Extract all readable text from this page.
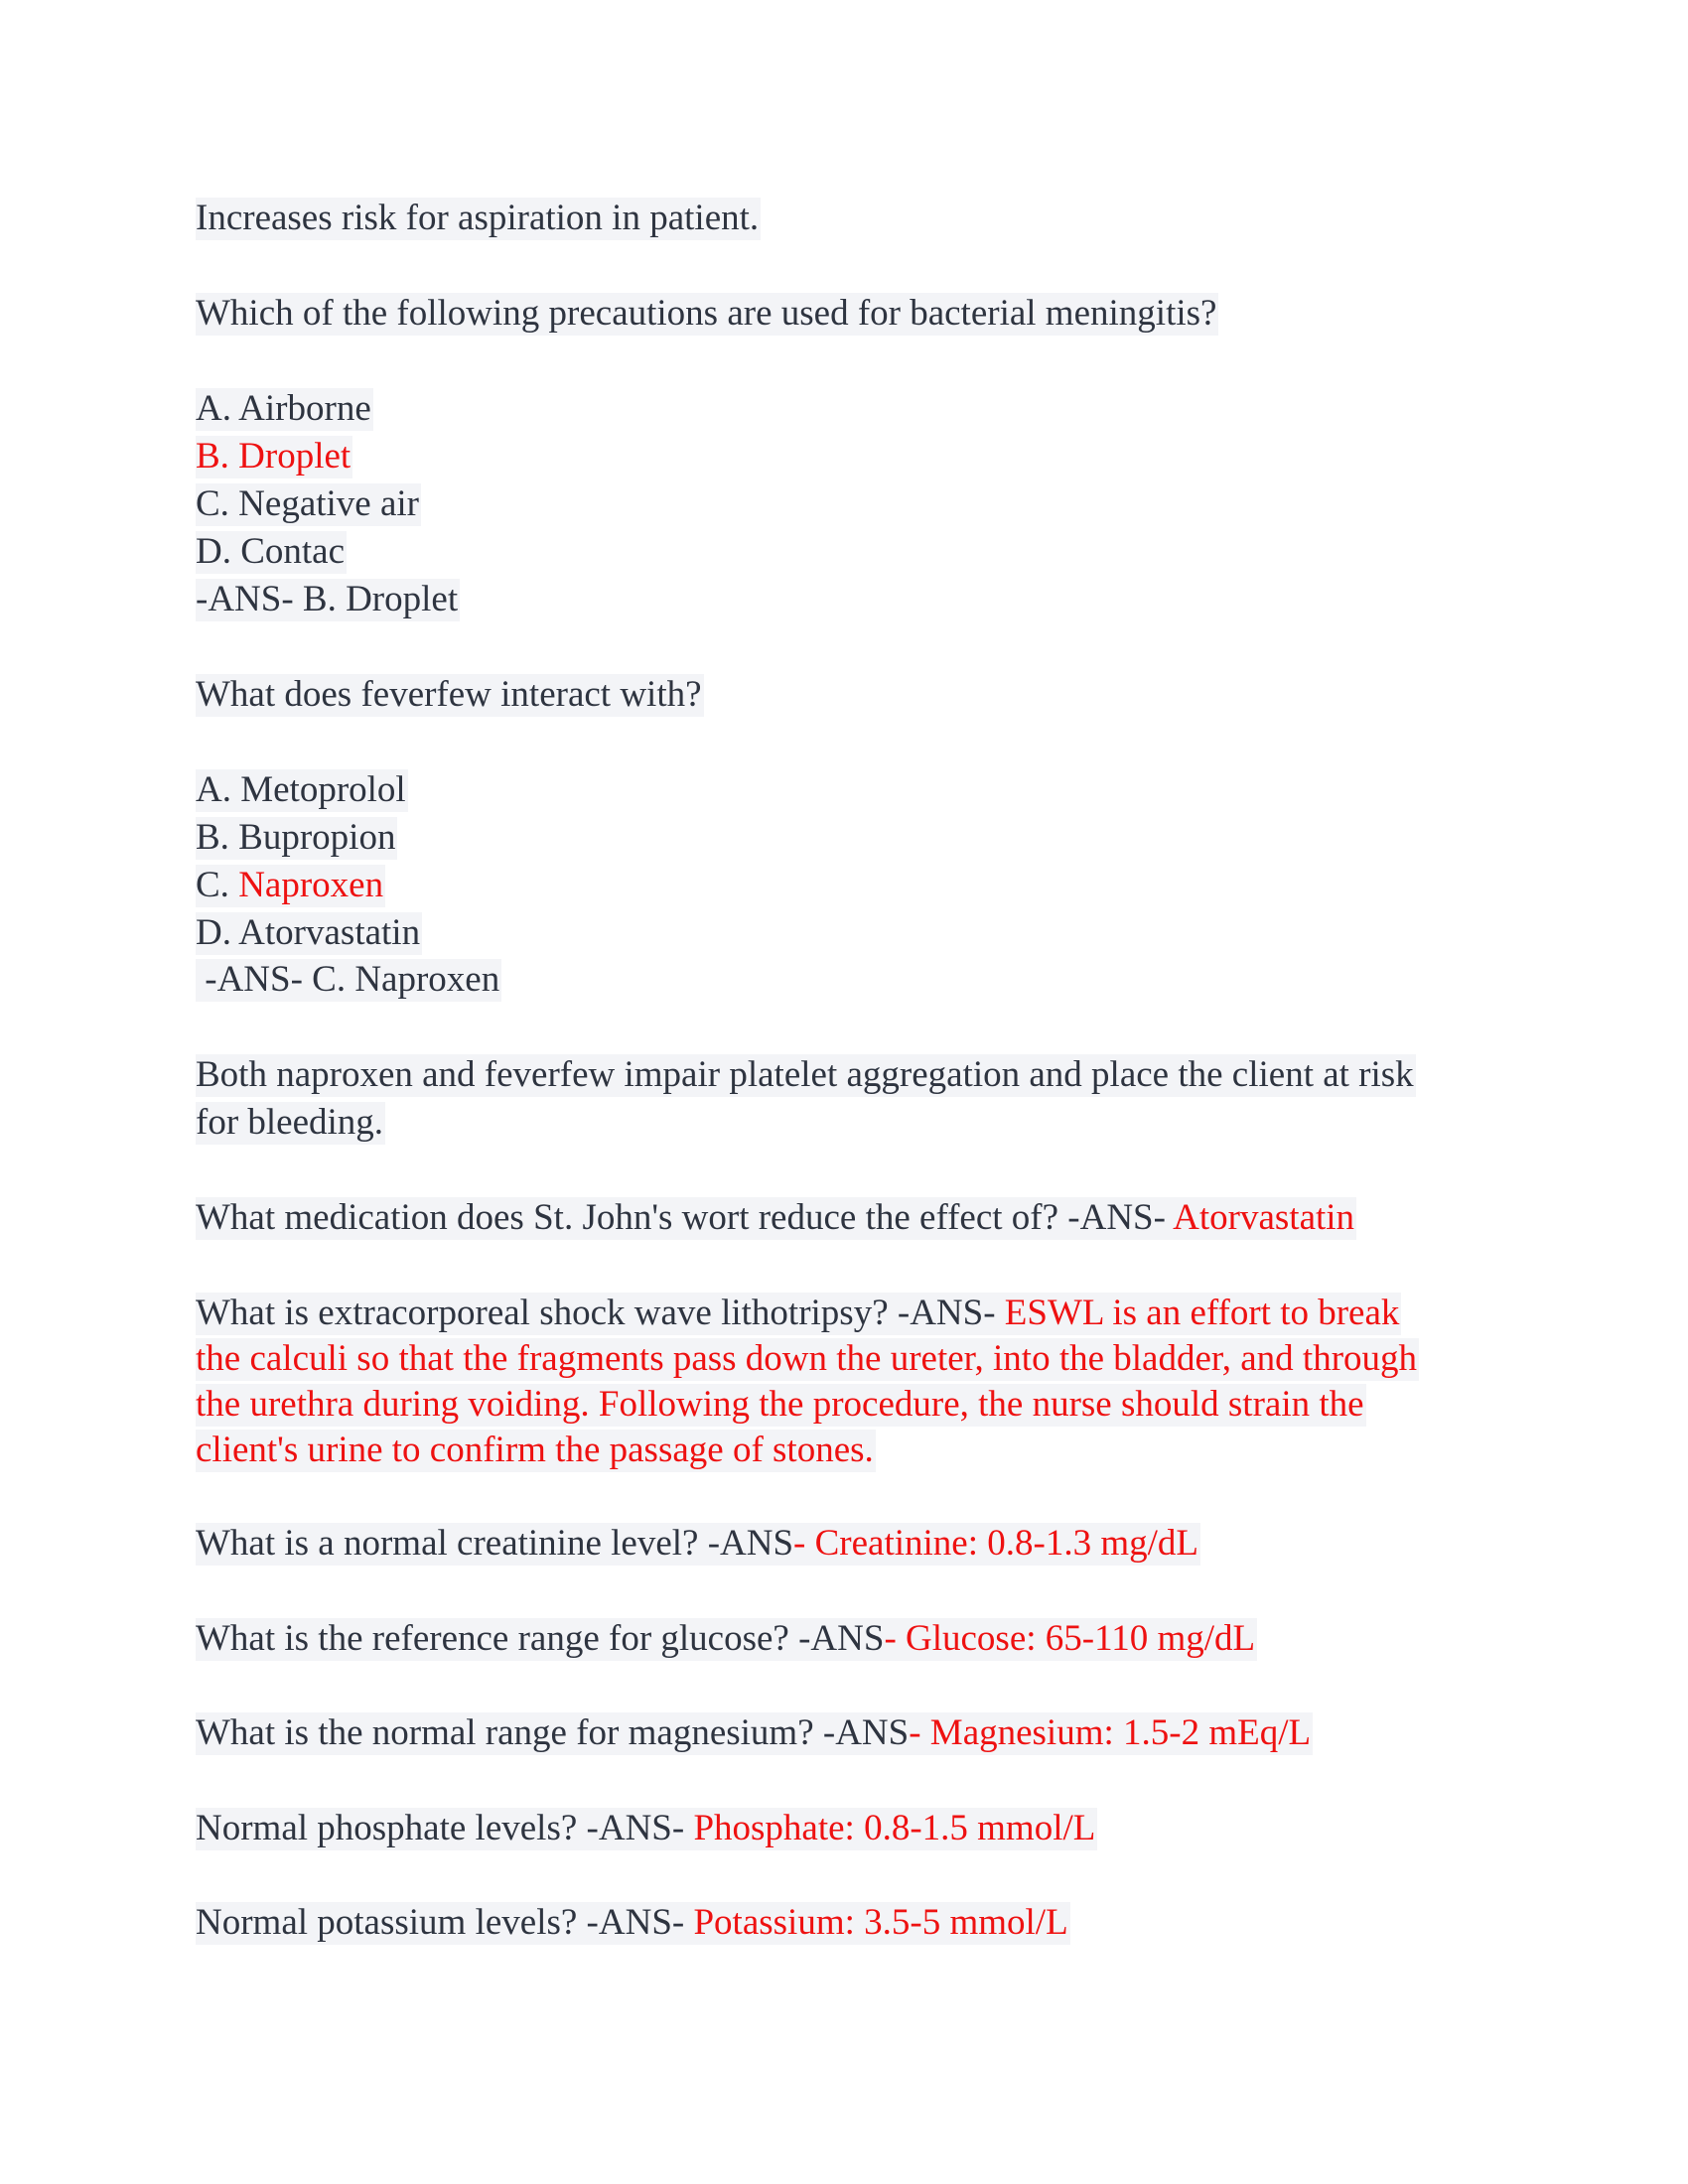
Increases risk for aspiration in patient.
Which of the following precautions are used for bacterial meningitis?
A. Airborne
B. Droplet
C. Negative air
D. Contac
-ANS- B. Droplet
What does feverfew interact with?
A. Metoprolol
B. Bupropion
C. Naproxen
D. Atorvastatin
-ANS- C. Naproxen
Both naproxen and feverfew impair platelet aggregation and place the client at risk
for bleeding.
What medication does St. John's wort reduce the effect of? -ANS- Atorvastatin
What is extracorporeal shock wave lithotripsy? -ANS- ESWL is an effort to break
the calculi so that the fragments pass down the ureter, into the bladder, and through
the urethra during voiding. Following the procedure, the nurse should strain the
client's urine to confirm the passage of stones.
What is a normal creatinine level? -ANS- Creatinine: 0.8-1.3 mg/dL
What is the reference range for glucose? -ANS- Glucose: 65-110 mg/dL
What is the normal range for magnesium? -ANS- Magnesium: 1.5-2 mEq/L
Normal phosphate levels? -ANS- Phosphate: 0.8-1.5 mmol/L
Normal potassium levels? -ANS- Potassium: 3.5-5 mmol/L
